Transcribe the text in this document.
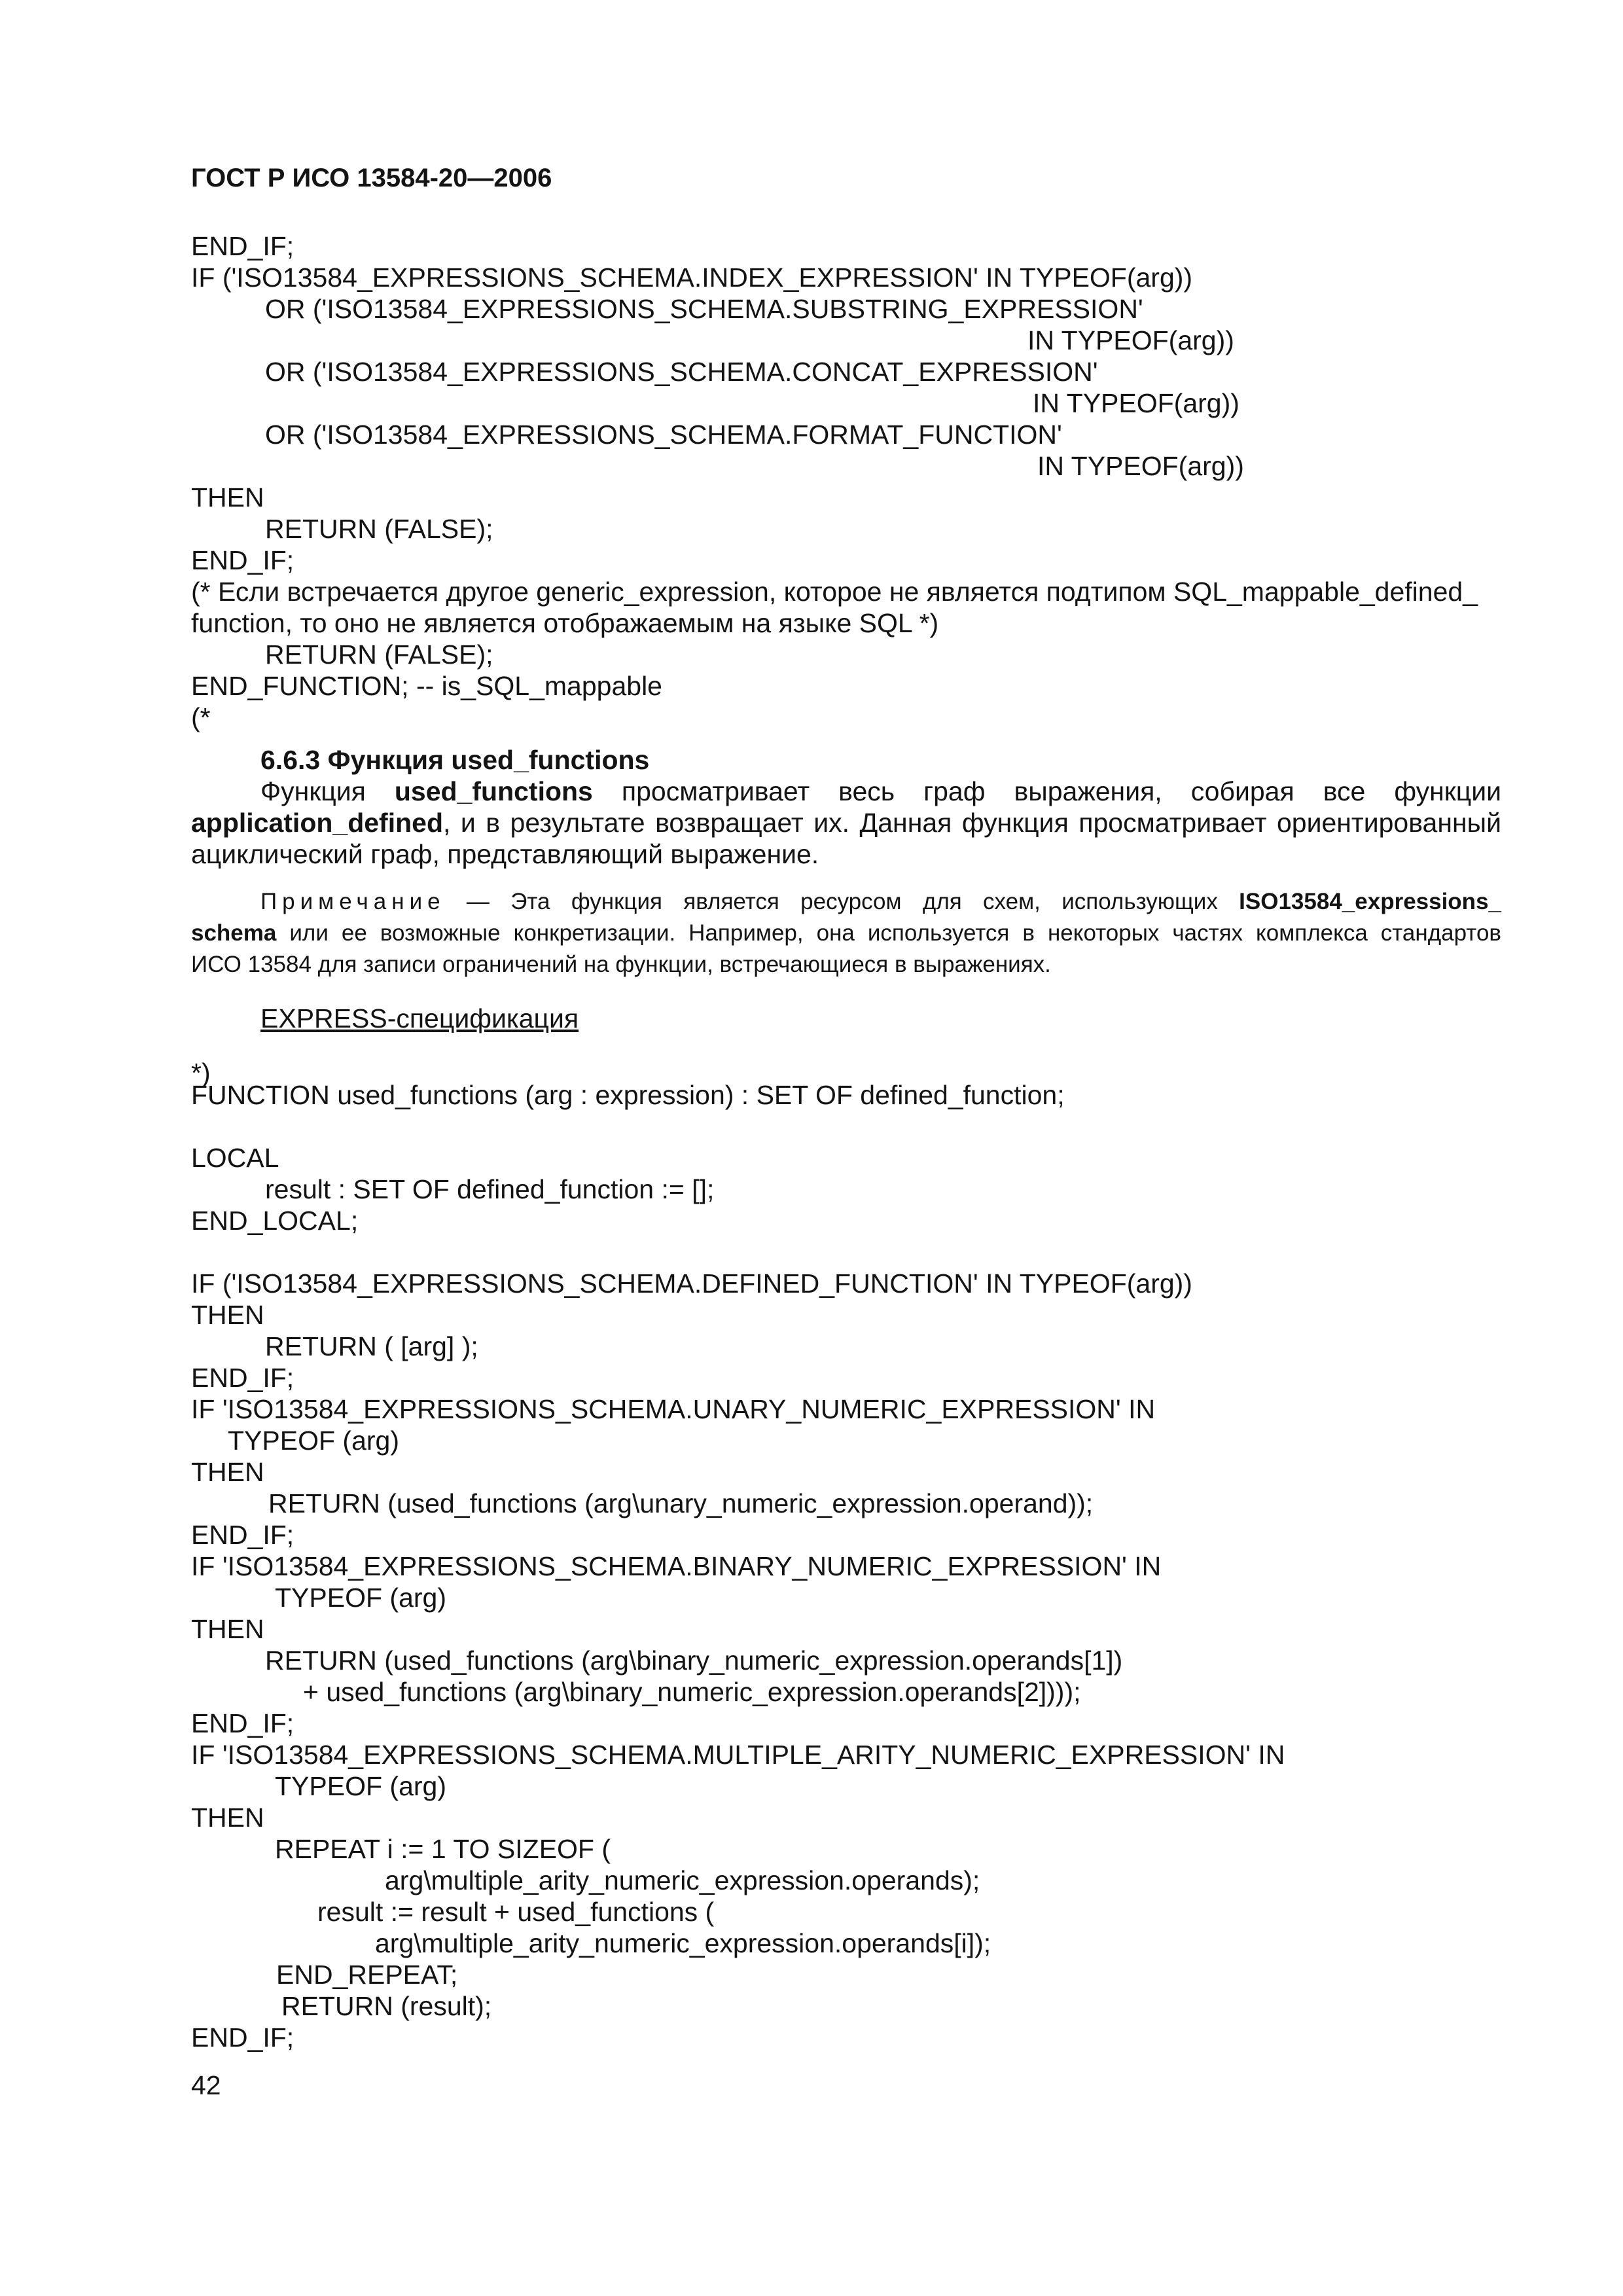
ГОСТ Р ИСО 13584-20—2006
END_IF;
IF ('ISO13584_EXPRESSIONS_SCHEMA.INDEX_EXPRESSION' IN TYPEOF(arg))
OR ('ISO13584_EXPRESSIONS_SCHEMA.SUBSTRING_EXPRESSION'
IN TYPEOF(arg))
OR ('ISO13584_EXPRESSIONS_SCHEMA.CONCAT_EXPRESSION'
IN TYPEOF(arg))
OR ('ISO13584_EXPRESSIONS_SCHEMA.FORMAT_FUNCTION'
IN TYPEOF(arg))
THEN
RETURN (FALSE);
END_IF;
(* Если встречается другое generic_expression, которое не является подтипом SQL_mappable_defined_
function, то оно не является отображаемым на языке SQL *)
RETURN (FALSE);
END_FUNCTION; -- is_SQL_mappable
(*
6.6.3 Функция used_functions
Функция used_functions просматривает весь граф выражения, собирая все функции
application_defined, и в результате возвращает их. Данная функция просматривает ориентированный
ациклический граф, представляющий выражение.
Примечание — Эта функция является ресурсом для схем, использующих ISO13584_expressions_
schema или ее возможные конкретизации. Например, она используется в некоторых частях комплекса стандартов
ИСО 13584 для записи ограничений на функции, встречающиеся в выражениях.
EXPRESS-спецификация
*)
FUNCTION used_functions (arg : expression) : SET OF defined_function;
LOCAL
result : SET OF defined_function := [];
END_LOCAL;
IF ('ISO13584_EXPRESSIONS_SCHEMA.DEFINED_FUNCTION' IN TYPEOF(arg))
THEN
RETURN ( [arg] );
END_IF;
IF 'ISO13584_EXPRESSIONS_SCHEMA.UNARY_NUMERIC_EXPRESSION' IN
TYPEOF (arg)
THEN
RETURN (used_functions (arg\unary_numeric_expression.operand));
END_IF;
IF 'ISO13584_EXPRESSIONS_SCHEMA.BINARY_NUMERIC_EXPRESSION' IN
TYPEOF (arg)
THEN
RETURN (used_functions (arg\binary_numeric_expression.operands[1])
+ used_functions (arg\binary_numeric_expression.operands[2])));
END_IF;
IF 'ISO13584_EXPRESSIONS_SCHEMA.MULTIPLE_ARITY_NUMERIC_EXPRESSION' IN
TYPEOF (arg)
THEN
REPEAT i := 1 TO SIZEOF (
arg\multiple_arity_numeric_expression.operands);
result := result + used_functions (
arg\multiple_arity_numeric_expression.operands[i]);
END_REPEAT;
RETURN (result);
END_IF;
42
